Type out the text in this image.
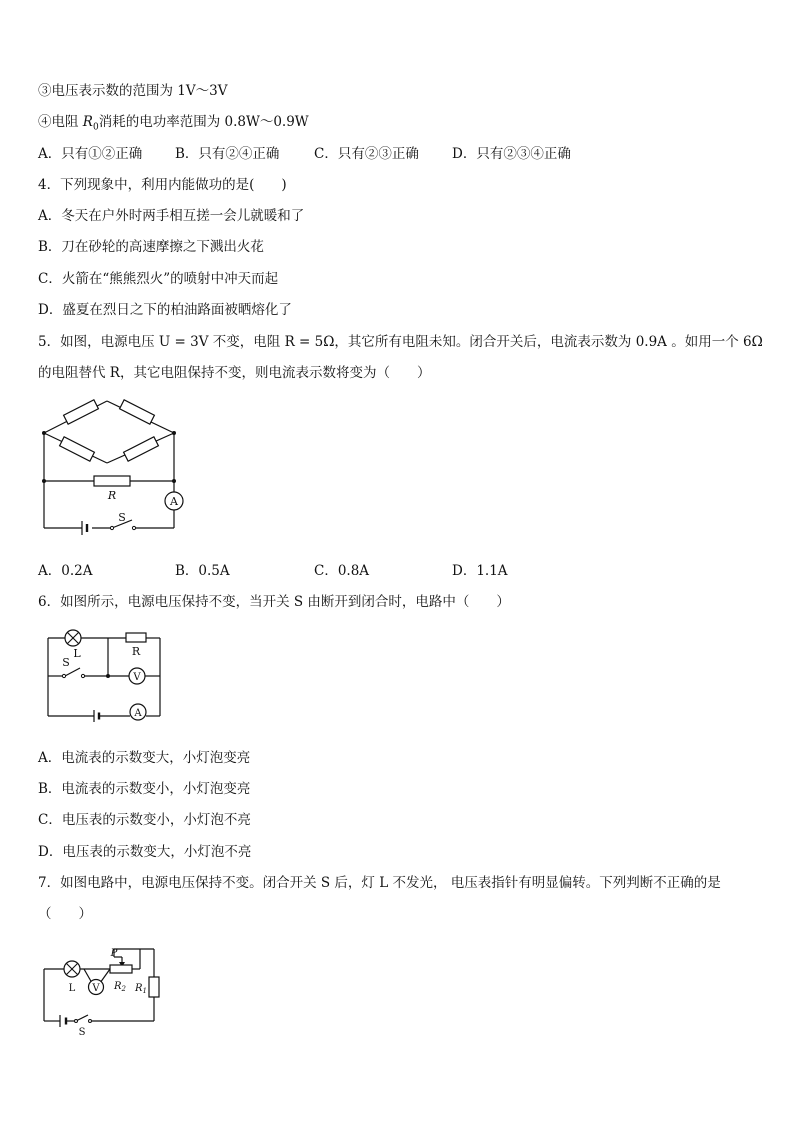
③电压表示数的范围为 1V～3V
④电阻 $R_0$消耗的电功率范围为 0.8W～0.9W
A．只有①②正确 B．只有②④正确	C．只有②③正确 D．只有②③④正确
4．下列现象中，利用内能做功的是(　　)
A．冬天在户外时两手相互搓一会儿就暖和了
B．刀在砂轮的高速摩擦之下溅出火花
C．火箭在“熊熊烈火”的喷射中冲天而起
D．盛夏在烈日之下的柏油路面被晒熔化了
5．如图，电源电压 U = 3V 不变，电阻 R = 5Ω，其它所有电阻未知。闭合开关后，电流表示数为 0.9A 。如用一个 6Ω
的电阻替代 R，其它电阻保持不变，则电流表示数将变为（　　）
A
R
S
A．0.2A	B．0.5A	C．0.8A	D．1.1A
6．如图所示，电源电压保持不变，当开关 S 由断开到闭合时，电路中（　　）
V
A
L	R
S
A．电流表的示数变大，小灯泡变亮
B．电流表的示数变小，小灯泡变亮
C．电压表的示数变小，小灯泡不亮
D．电压表的示数变大，小灯泡不亮
7．如图电路中，电源电压保持不变。闭合开关 S 后，灯 L 不发光， 电压表指针有明显偏转。下列判断不正确的是
（　　）
V
P
L	$R_2$ $R_1$
S
